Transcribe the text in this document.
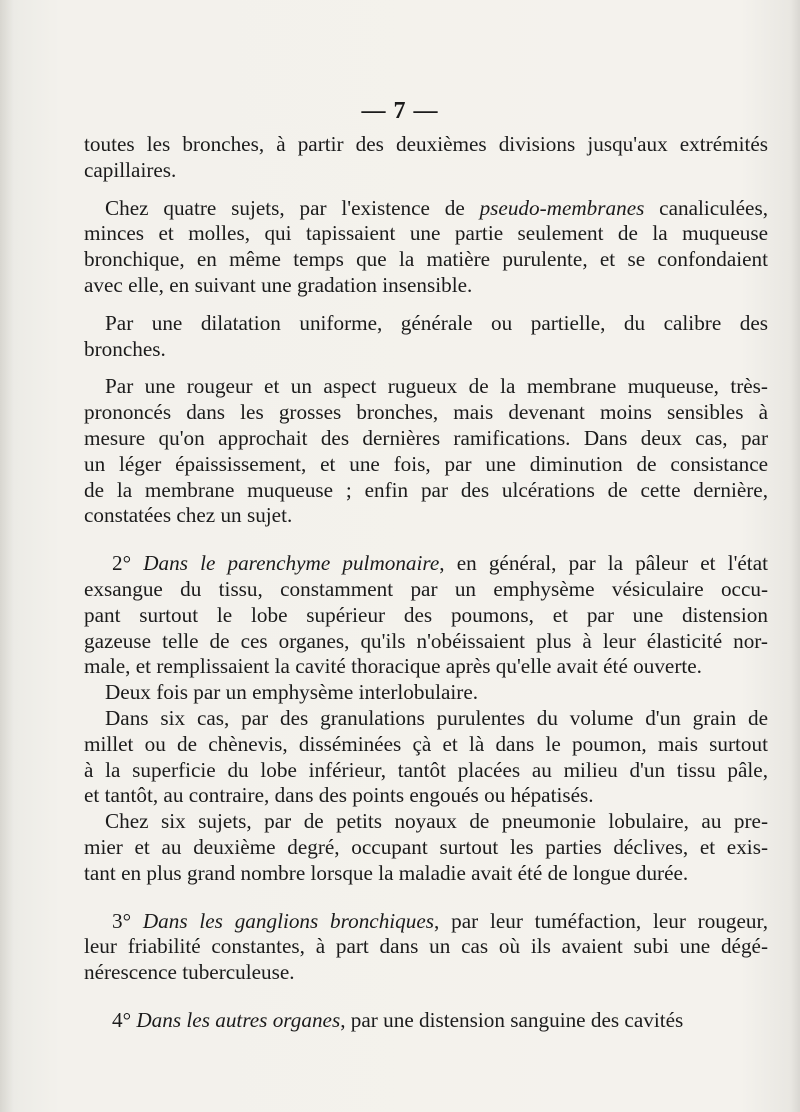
— 7 —
toutes les bronches, à partir des deuxièmes divisions jusqu'aux extrémités
capillaires.
Chez quatre sujets, par l'existence de pseudo-membranes canaliculées,
minces et molles, qui tapissaient une partie seulement de la muqueuse
bronchique, en même temps que la matière purulente, et se confondaient
avec elle, en suivant une gradation insensible.
Par une dilatation uniforme, générale ou partielle, du calibre des
bronches.
Par une rougeur et un aspect rugueux de la membrane muqueuse, très-
prononcés dans les grosses bronches, mais devenant moins sensibles à
mesure qu'on approchait des dernières ramifications. Dans deux cas, par
un léger épaississement, et une fois, par une diminution de consistance
de la membrane muqueuse ; enfin par des ulcérations de cette dernière,
constatées chez un sujet.
2° Dans le parenchyme pulmonaire, en général, par la pâleur et l'état
exsangue du tissu, constamment par un emphysème vésiculaire occu-
pant surtout le lobe supérieur des poumons, et par une distension
gazeuse telle de ces organes, qu'ils n'obéissaient plus à leur élasticité nor-
male, et remplissaient la cavité thoracique après qu'elle avait été ouverte.
Deux fois par un emphysème interlobulaire.
Dans six cas, par des granulations purulentes du volume d'un grain de
millet ou de chènevis, disséminées çà et là dans le poumon, mais surtout
à la superficie du lobe inférieur, tantôt placées au milieu d'un tissu pâle,
et tantôt, au contraire, dans des points engoués ou hépatisés.
Chez six sujets, par de petits noyaux de pneumonie lobulaire, au pre-
mier et au deuxième degré, occupant surtout les parties déclives, et exis-
tant en plus grand nombre lorsque la maladie avait été de longue durée.
3° Dans les ganglions bronchiques, par leur tuméfaction, leur rougeur,
leur friabilité constantes, à part dans un cas où ils avaient subi une dégé-
nérescence tuberculeuse.
4° Dans les autres organes, par une distension sanguine des cavités
